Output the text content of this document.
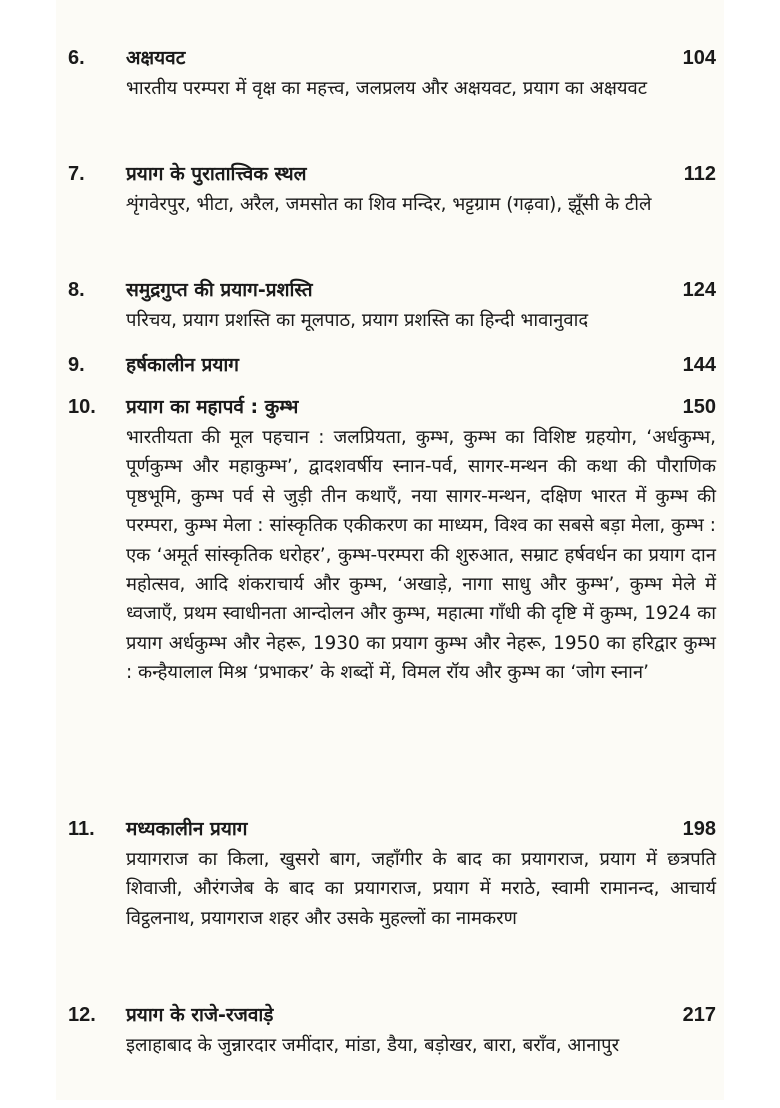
6.	अक्षयवट	104
भारतीय परम्परा में वृक्ष का महत्त्व, जलप्रलय और अक्षयवट, प्रयाग का अक्षयवट
7.	प्रयाग के पुरातात्त्विक स्थल	112
शृंगवेरपुर, भीटा, अरैल, जमसोत का शिव मन्दिर, भट्टग्राम (गढ़वा), झूँसी के टीले
8.	समुद्रगुप्त की प्रयाग-प्रशस्ति	124
परिचय, प्रयाग प्रशस्ति का मूलपाठ, प्रयाग प्रशस्ति का हिन्दी भावानुवाद
9.	हर्षकालीन प्रयाग	144
10.	प्रयाग का महापर्व : कुम्भ	150
भारतीयता की मूल पहचान : जलप्रियता, कुम्भ, कुम्भ का विशिष्ट ग्रहयोग, ‘अर्धकुम्भ, पूर्णकुम्भ और महाकुम्भ’, द्वादशवर्षीय स्नान-पर्व, सागर-मन्थन की कथा की पौराणिक पृष्ठभूमि, कुम्भ पर्व से जुड़ी तीन कथाएँ, नया सागर-मन्थन, दक्षिण भारत में कुम्भ की परम्परा, कुम्भ मेला : सांस्कृतिक एकीकरण का माध्यम, विश्व का सबसे बड़ा मेला, कुम्भ : एक ‘अमूर्त सांस्कृतिक धरोहर’, कुम्भ-परम्परा की शुरुआत, सम्राट हर्षवर्धन का प्रयाग दान महोत्सव, आदि शंकराचार्य और कुम्भ, ‘अखाड़े, नागा साधु और कुम्भ’, कुम्भ मेले में ध्वजाएँ, प्रथम स्वाधीनता आन्दोलन और कुम्भ, महात्मा गाँधी की दृष्टि में कुम्भ, 1924 का प्रयाग अर्धकुम्भ और नेहरू, 1930 का प्रयाग कुम्भ और नेहरू, 1950 का हरिद्वार कुम्भ : कन्हैयालाल मिश्र ‘प्रभाकर’ के शब्दों में, विमल रॉय और कुम्भ का ‘जोग स्नान’
11.	मध्यकालीन प्रयाग	198
प्रयागराज का किला, खुसरो बाग, जहाँगीर के बाद का प्रयागराज, प्रयाग में छत्रपति शिवाजी, औरंगजेब के बाद का प्रयागराज, प्रयाग में मराठे, स्वामी रामानन्द, आचार्य विट्ठलनाथ, प्रयागराज शहर और उसके मुहल्लों का नामकरण
12.	प्रयाग के राजे-रजवाड़े	217
इलाहाबाद के जुन्नारदार जमींदार, मांडा, डैया, बड़ोखर, बारा, बराँव, आनापुर
